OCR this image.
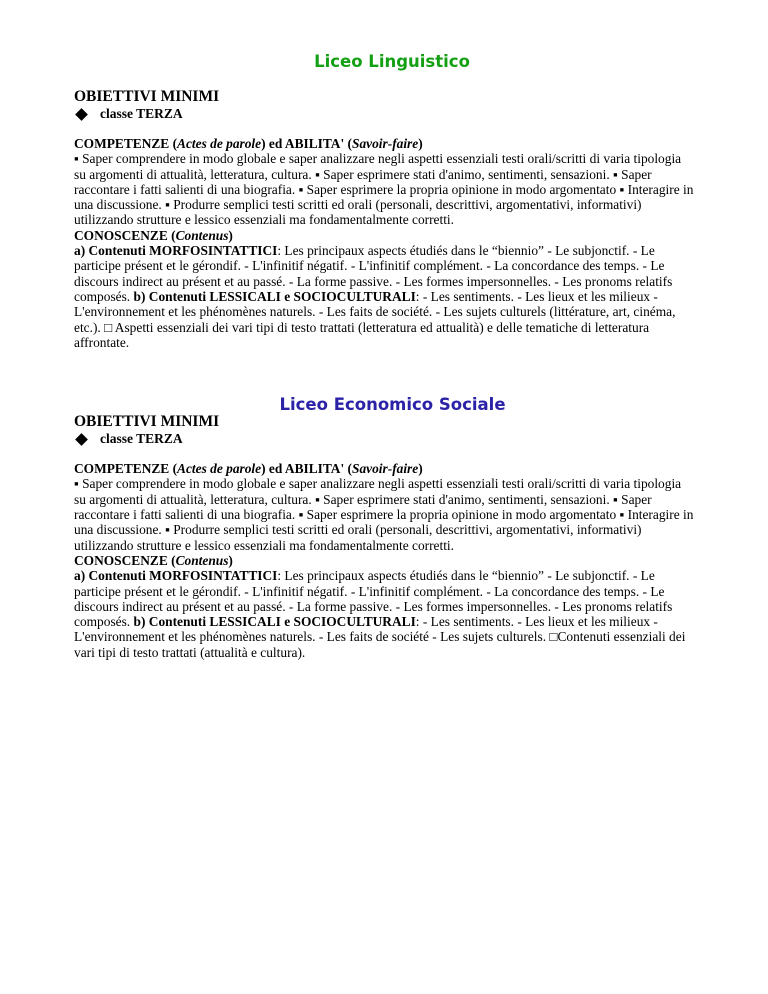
Liceo Linguistico

OBIETTIVI MINIMI

classe TERZA

COMPETENZE (Actes de parole) ed ABILITA' (Savoir-faire)
▪ Saper comprendere in modo globale e saper analizzare negli aspetti essenziali testi orali/scritti di varia tipologia su argomenti di attualità, letteratura, cultura. ▪ Saper esprimere stati d'animo, sentimenti, sensazioni. ▪ Saper raccontare i fatti salienti di una biografia. ▪ Saper esprimere la propria opinione in modo argomentato ▪ Interagire in una discussione. ▪ Produrre semplici testi scritti ed orali (personali, descrittivi, argomentativi, informativi) utilizzando strutture e lessico essenziali ma fondamentalmente corretti.
CONOSCENZE (Contenus)
a) Contenuti MORFOSINTATTICI: Les principaux aspects étudiés dans le “biennio” - Le subjonctif. - Le participe présent et le gérondif. - L'infinitif négatif. - L'infinitif complément. - La concordance des temps. - Le discours indirect au présent et au passé. - La forme passive. - Les formes impersonnelles. - Les pronoms relatifs composés. b) Contenuti LESSICALI e SOCIOCULTURALI: - Les sentiments. - Les lieux et les milieux - L'environnement et les phénomènes naturels. - Les faits de société. - Les sujets culturels (littérature, art, cinéma, etc.). □ Aspetti essenziali dei vari tipi di testo trattati (letteratura ed attualità) e delle tematiche di letteratura affrontate.

Liceo Economico Sociale

OBIETTIVI MINIMI

classe TERZA

COMPETENZE (Actes de parole) ed ABILITA' (Savoir-faire)
▪ Saper comprendere in modo globale e saper analizzare negli aspetti essenziali testi orali/scritti di varia tipologia su argomenti di attualità, letteratura, cultura. ▪ Saper esprimere stati d'animo, sentimenti, sensazioni. ▪ Saper raccontare i fatti salienti di una biografia. ▪ Saper esprimere la propria opinione in modo argomentato ▪ Interagire in una discussione. ▪ Produrre semplici testi scritti ed orali (personali, descrittivi, argomentativi, informativi) utilizzando strutture e lessico essenziali ma fondamentalmente corretti.
CONOSCENZE (Contenus)
a) Contenuti MORFOSINTATTICI: Les principaux aspects étudiés dans le “biennio” - Le subjonctif. - Le participe présent et le gérondif. - L'infinitif négatif. - L'infinitif complément. - La concordance des temps. - Le discours indirect au présent et au passé. - La forme passive. - Les formes impersonnelles. - Les pronoms relatifs composés. b) Contenuti LESSICALI e SOCIOCULTURALI: - Les sentiments. - Les lieux et les milieux - L'environnement et les phénomènes naturels. - Les faits de société - Les sujets culturels. □Contenuti essenziali dei vari tipi di testo trattati (attualità e cultura).
